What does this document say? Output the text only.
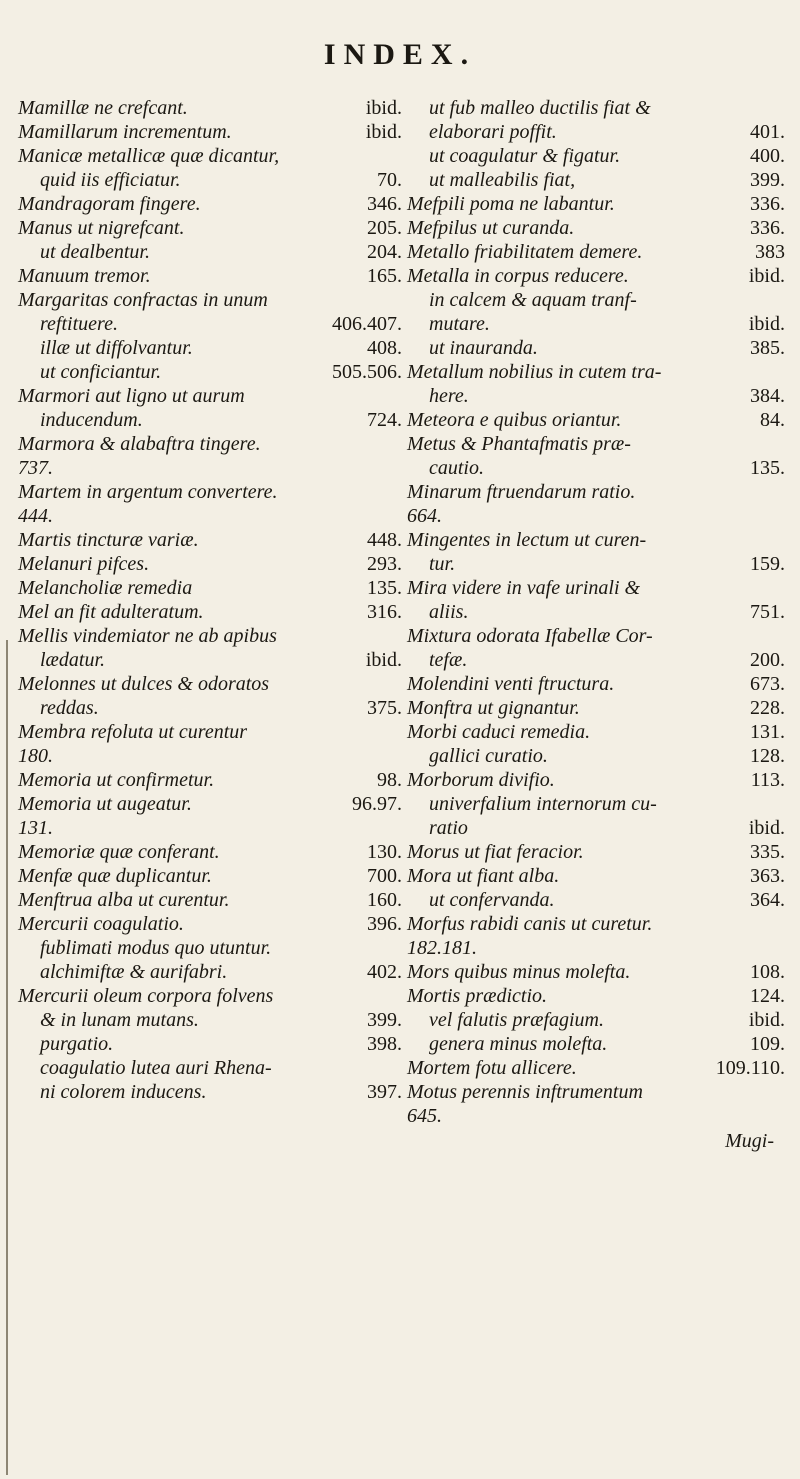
INDEX.
Mamillæ ne crefcant.	ibid.
Mamillarum incrementum.	ibid.
Manicæ metallicæ quæ dicantur,
quid iis efficiatur.	70.
Mandragoram fingere.	346.
Manus ut nigrefcant.	205.
ut dealbentur.	204.
Manuum tremor.	165.
Margaritas confractas in unum
reftituere.	406.407.
illæ ut diffolvantur.	408.
ut conficiantur.	505.506.
Marmori aut ligno ut aurum
inducendum.	724.
Marmora & alabaftra tingere.
737.
Martem in argentum convertere.
444.
Martis tincturæ variæ.	448.
Melanuri pifces.	293.
Melancholiæ remedia	135.
Mel an fit adulteratum.	316.
Mellis vindemiator ne ab apibus
lædatur.	ibid.
Melonnes ut dulces & odoratos
reddas.	375.
Membra refoluta ut curentur
180.
Memoria ut confirmetur.	98.
Memoria ut augeatur.	96.97.
131.
Memoriæ quæ conferant.	130.
Menfæ quæ duplicantur.	700.
Menftrua alba ut curentur.	160.
Mercurii coagulatio.	396.
fublimati modus quo utuntur.
alchimiftæ & aurifabri.	402.
Mercurii oleum corpora folvens
& in lunam mutans.	399.
purgatio.	398.
coagulatio lutea auri Rhena-
ni colorem inducens.	397.
ut fub malleo ductilis fiat &
elaborari poffit.	401.
ut coagulatur & figatur.	400.
ut malleabilis fiat,	399.
Mefpili poma ne labantur.	336.
Mefpilus ut curanda.	336.
Metallo friabilitatem demere.	383
Metalla in corpus reducere.	ibid.
in calcem & aquam tranf-
mutare.	ibid.
ut inauranda.	385.
Metallum nobilius in cutem tra-
here.	384.
Meteora e quibus oriantur.	84.
Metus & Phantafmatis præ-
cautio.	135.
Minarum ftruendarum ratio.
664.
Mingentes in lectum ut curen-
tur.	159.
Mira videre in vafe urinali &
aliis.	751.
Mixtura odorata Ifabellæ Cor-
tefæ.	200.
Molendini venti ftructura.	673.
Monftra ut gignantur.	228.
Morbi caduci remedia.	131.
gallici curatio.	128.
Morborum divifio.	113.
univerfalium internorum cu-
ratio	ibid.
Morus ut fiat feracior.	335.
Mora ut fiant alba.	363.
ut confervanda.	364.
Morfus rabidi canis ut curetur.
182.181.
Mors quibus minus molefta.	108.
Mortis prædictio.	124.
vel falutis præfagium.	ibid.
genera minus molefta.	109.
Mortem fotu allicere.	109.110.
Motus perennis inftrumentum
645.
Mugi-
